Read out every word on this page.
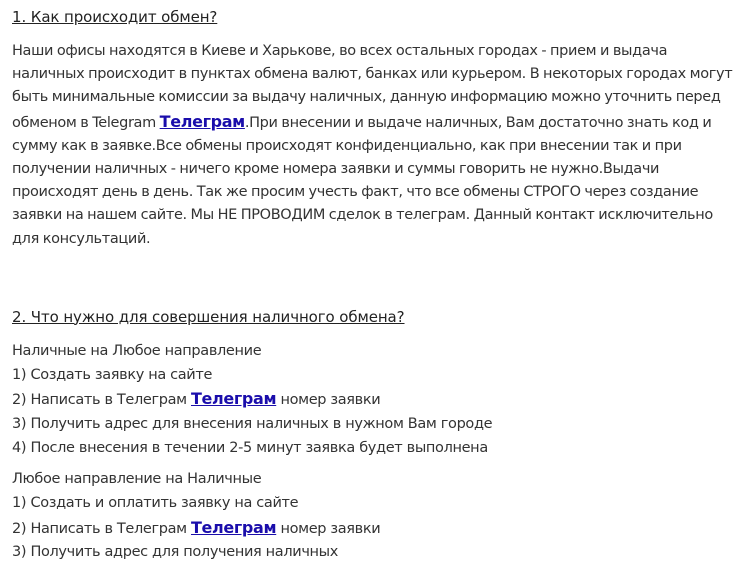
1. Как происходит обмен?

Наши офисы находятся в Киеве и Харькове, во всех остальных городах - прием и выдача наличных происходит в пунктах обмена валют, банках или курьером. В некоторых городах могут быть минимальные комиссии за выдачу наличных, данную информацию можно уточнить перед обменом в Telegram Телеграм.При внесении и выдаче наличных, Вам достаточно знать код и сумму как в заявке.Все обмены происходят конфиденциально, как при внесении так и при получении наличных - ничего кроме номера заявки и суммы говорить не нужно.Выдачи происходят день в день. Так же просим учесть факт, что все обмены СТРОГО через создание заявки на нашем сайте. Мы НЕ ПРОВОДИМ сделок в телеграм. Данный контакт исключительно для консультаций.

2. Что нужно для совершения наличного обмена?
Наличные на Любое направление
1) Создать заявку на сайте
2) Написать в Телеграм Телеграм номер заявки
3) Получить адрес для внесения наличных в нужном Вам городе
4) После внесения в течении 2-5 минут заявка будет выполнена
Любое направление на Наличные
1) Создать и оплатить заявку на сайте
2) Написать в Телеграм Телеграм номер заявки
3) Получить адрес для получения наличных
